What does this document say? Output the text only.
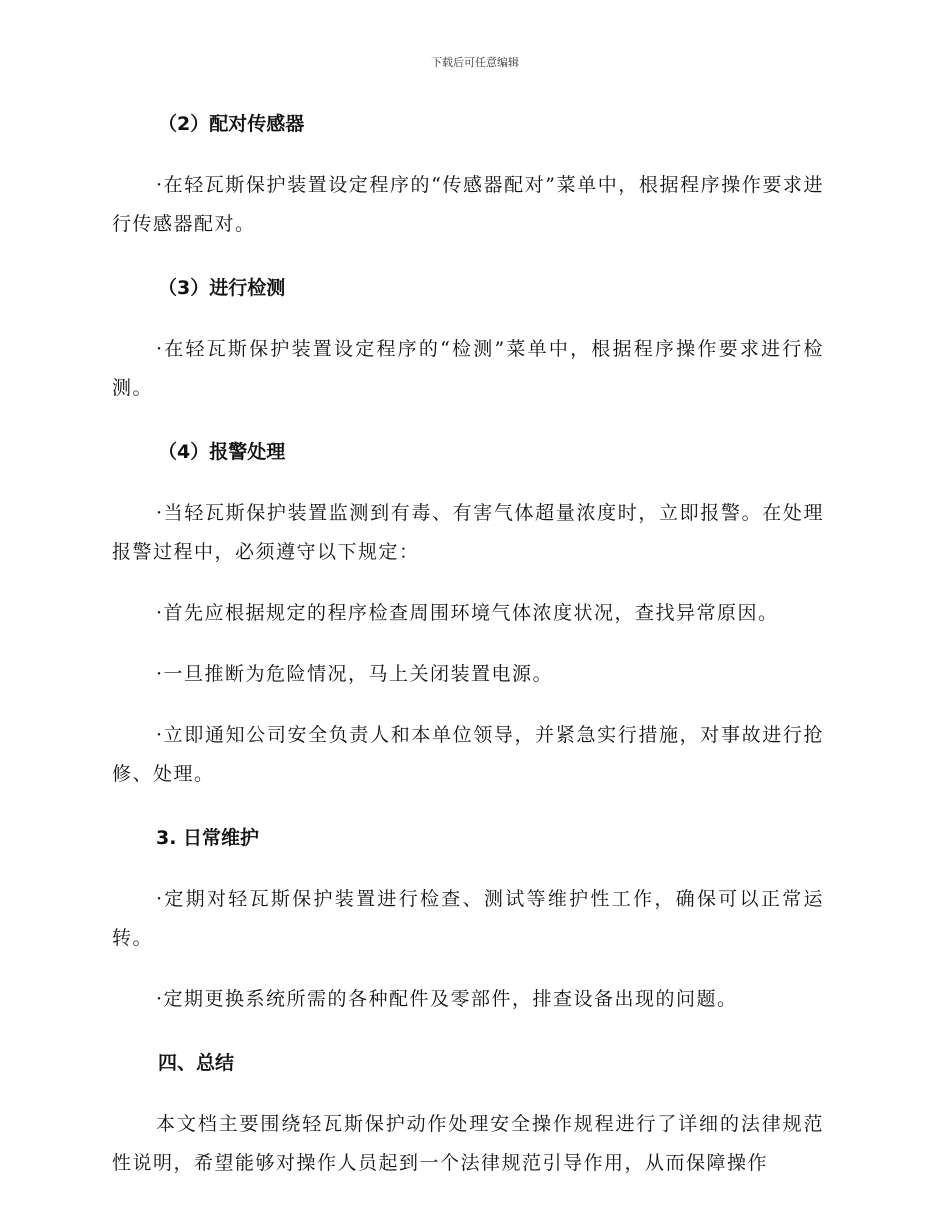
下载后可任意编辑

（2）配对传感器

·在轻瓦斯保护装置设定程序的“传感器配对”菜单中，根据程序操作要求进行传感器配对。

（3）进行检测

·在轻瓦斯保护装置设定程序的“检测”菜单中，根据程序操作要求进行检测。

（4）报警处理

·当轻瓦斯保护装置监测到有毒、有害气体超量浓度时，立即报警。在处理报警过程中，必须遵守以下规定：

·首先应根据规定的程序检查周围环境气体浓度状况，查找异常原因。

·一旦推断为危险情况，马上关闭装置电源。

·立即通知公司安全负责人和本单位领导，并紧急实行措施，对事故进行抢修、处理。

3. 日常维护

·定期对轻瓦斯保护装置进行检查、测试等维护性工作，确保可以正常运转。

·定期更换系统所需的各种配件及零部件，排查设备出现的问题。

四、总结

本文档主要围绕轻瓦斯保护动作处理安全操作规程进行了详细的法律规范性说明，希望能够对操作人员起到一个法律规范引导作用，从而保障操作
